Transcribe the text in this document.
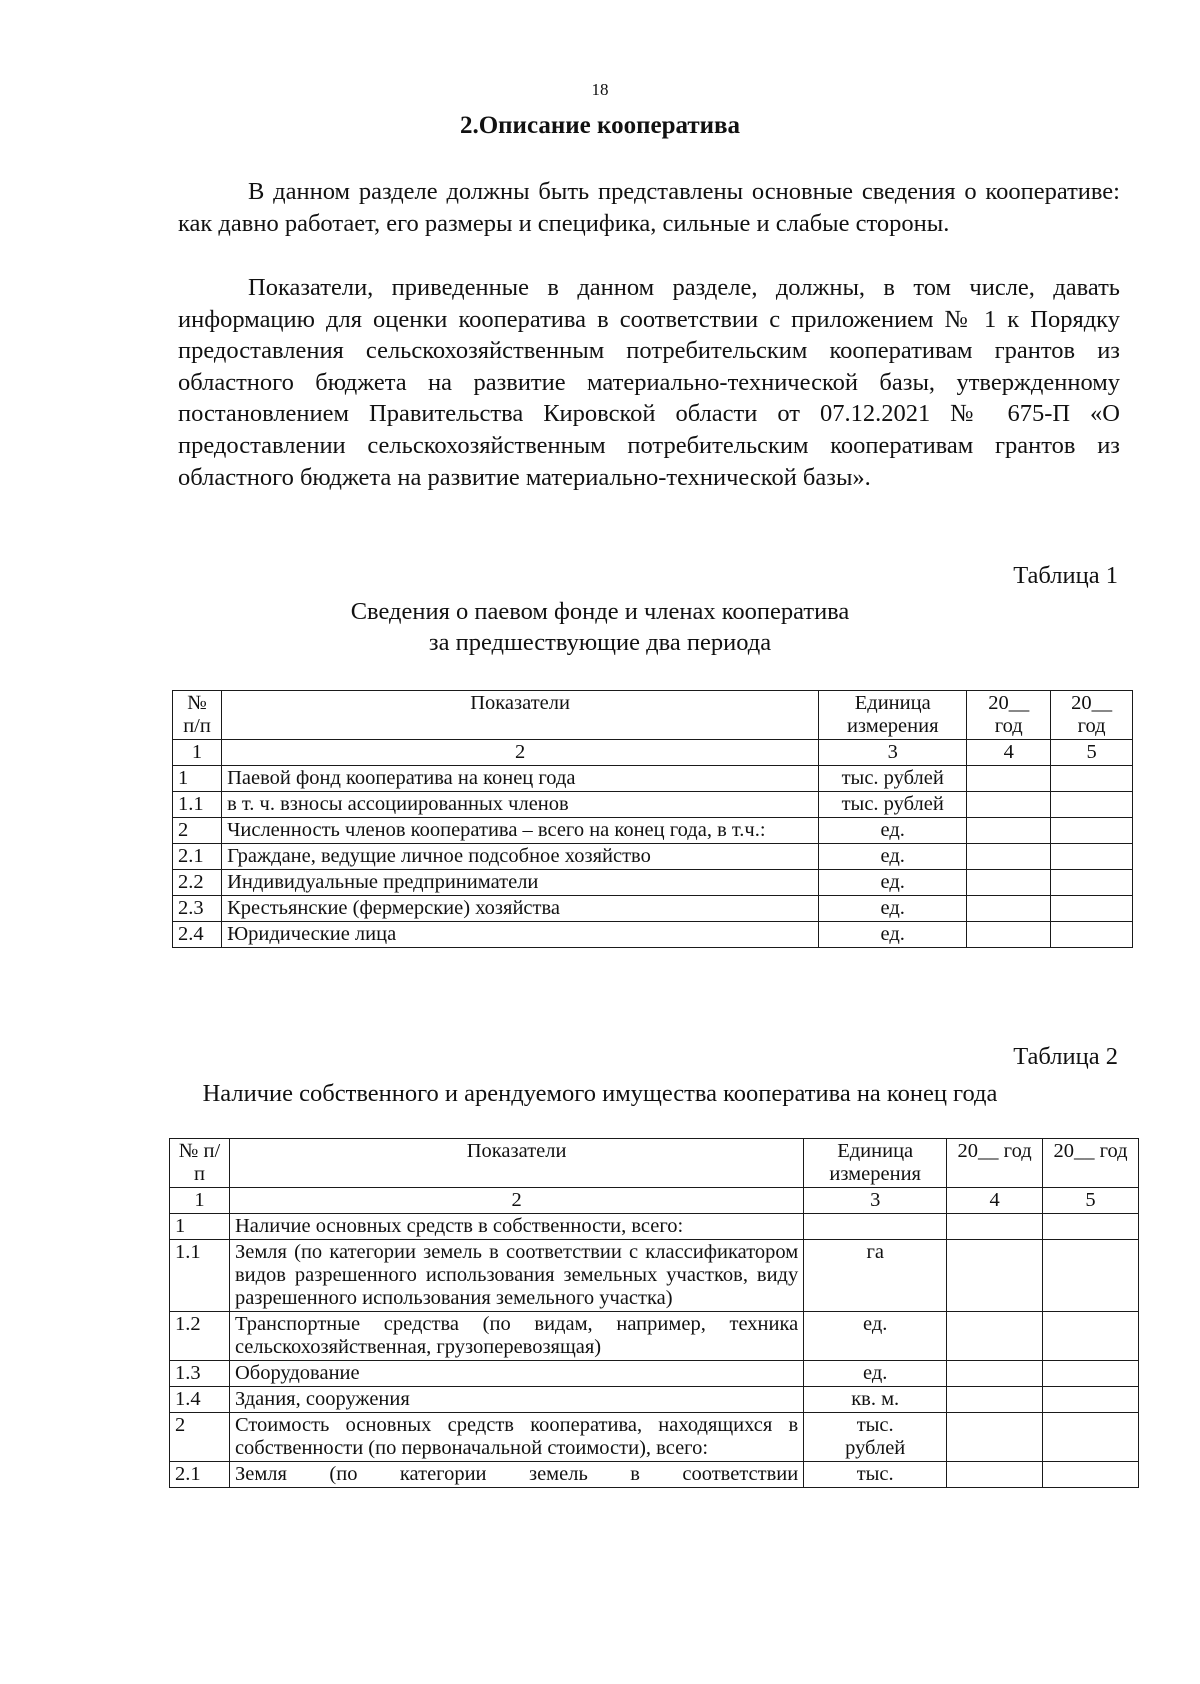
18
2.Описание кооператива

В данном разделе должны быть представлены основные сведения о кооперативе: как давно работает, его размеры и специфика, сильные и слабые стороны.

Показатели, приведенные в данном разделе, должны, в том числе, давать информацию для оценки кооператива в соответствии с приложением № 1 к Порядку предоставления сельскохозяйственным потребительским кооперативам грантов из областного бюджета на развитие материально-технической базы, утвержденному постановлением Правительства Кировской области от 07.12.2021 № 675-П «О предоставлении сельскохозяйственным потребительским кооперативам грантов из областного бюджета на развитие материально-технической базы».

Таблица 1
Сведения о паевом фонде и членах кооператива
за предшествующие два периода
№ п/п	Показатели	Единица измерения	20__ год	20__ год
1	2	3	4	5
1	Паевой фонд кооператива на конец года	тыс. рублей		
1.1	в т. ч. взносы ассоциированных членов	тыс. рублей		
2	Численность членов кооператива – всего на конец года, в т.ч.:	ед.		
2.1	Граждане, ведущие личное подсобное хозяйство	ед.		
2.2	Индивидуальные предприниматели	ед.		
2.3	Крестьянские (фермерские) хозяйства	ед.		
2.4	Юридические лица	ед.		
Таблица 2
Наличие собственного и арендуемого имущества кооператива на конец года
№ п/п	Показатели	Единица измерения	20__ год	20__ год
1	2	3	4	5
1	Наличие основных средств в собственности, всего:			
1.1	Земля (по категории земель в соответствии с классификатором видов разрешенного использования земельных участков, виду разрешенного использования земельного участка)	га		
1.2	Транспортные средства (по видам, например, техника сельскохозяйственная, грузоперевозящая)	ед.		
1.3	Оборудование	ед.		
1.4	Здания, сооружения	кв. м.		
2	Стоимость основных средств кооператива, находящихся в собственности (по первоначальной стоимости), всего:	тыс. рублей		
2.1	Земля (по категории земель в соответствии	тыс.		
